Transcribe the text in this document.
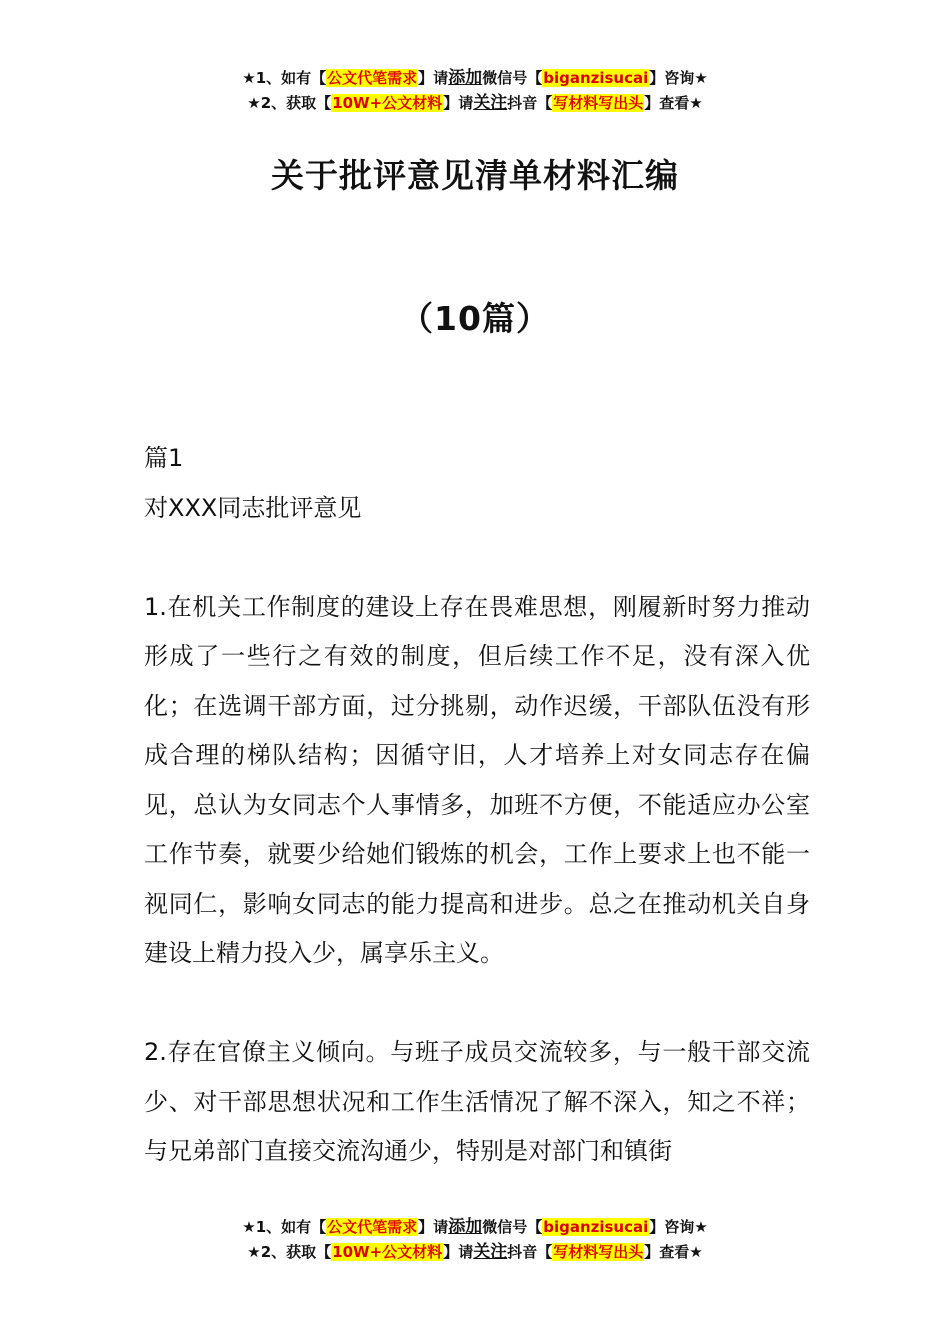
★1、如有【公文代笔需求】请添加微信号【biganzisucai】咨询★
★2、获取【10W+公文材料】请关注抖音【写材料写出头】查看★
关于批评意见清单材料汇编
（10篇）

篇1

对XXX同志批评意见

1.在机关工作制度的建设上存在畏难思想，刚履新时努力推动形成了一些行之有效的制度，但后续工作不足，没有深入优化；在选调干部方面，过分挑剔，动作迟缓，干部队伍没有形成合理的梯队结构；因循守旧，人才培养上对女同志存在偏见，总认为女同志个人事情多，加班不方便，不能适应办公室工作节奏，就要少给她们锻炼的机会，工作上要求上也不能一视同仁，影响女同志的能力提高和进步。总之在推动机关自身建设上精力投入少，属享乐主义。

2.存在官僚主义倾向。与班子成员交流较多，与一般干部交流少、对干部思想状况和工作生活情况了解不深入，知之不祥；与兄弟部门直接交流沟通少，特别是对部门和镇街

★1、如有【公文代笔需求】请添加微信号【biganzisucai】咨询★
★2、获取【10W+公文材料】请关注抖音【写材料写出头】查看★
